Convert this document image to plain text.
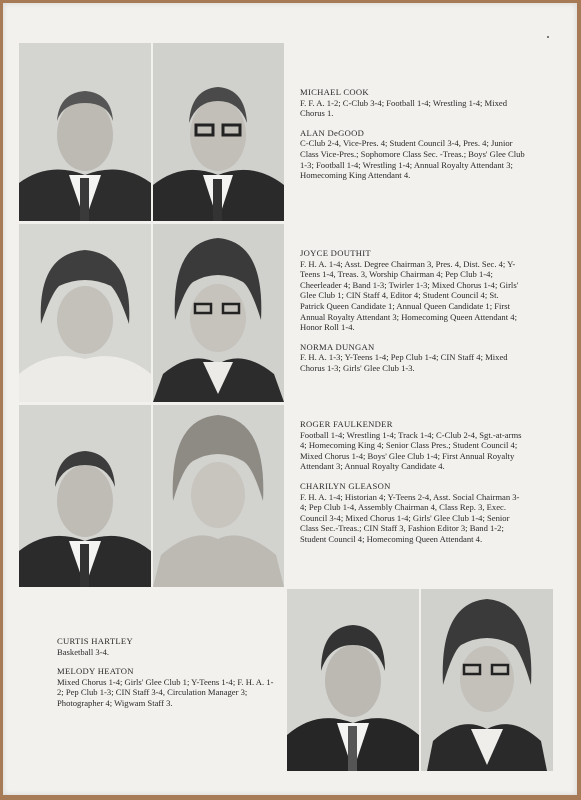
MICHAEL COOK
F. F. A. 1-2; C-Club 3-4; Football 1-4; Wrestling 1-4; Mixed Chorus 1.
ALAN DeGOOD
C-Club 2-4, Vice-Pres. 4; Student Council 3-4, Pres. 4; Junior Class Vice-Pres.; Sophomore Class Sec. -Treas.; Boys' Glee Club 1-3; Football 1-4; Wrestling 1-4; Annual Royalty Attendant 3; Homecoming King Attendant 4.
JOYCE DOUTHIT
F. H. A. 1-4; Asst. Degree Chairman 3, Pres. 4, Dist. Sec. 4; Y-Teens 1-4, Treas. 3, Worship Chairman 4; Pep Club 1-4; Cheerleader 4; Band 1-3; Twirler 1-3; Mixed Chorus 1-4; Girls' Glee Club 1; CIN Staff 4, Editor 4; Student Council 4; St. Patrick Queen Candidate 1; Annual Queen Candidate 1; First Annual Royalty Attendant 3; Homecoming Queen Attendant 4; Honor Roll 1-4.
NORMA DUNGAN
F. H. A. 1-3; Y-Teens 1-4; Pep Club 1-4; CIN Staff 4; Mixed Chorus 1-3; Girls' Glee Club 1-3.
ROGER FAULKENDER
Football 1-4; Wrestling 1-4; Track 1-4; C-Club 2-4, Sgt.-at-arms 4; Homecoming King 4; Senior Class Pres.; Student Council 4; Mixed Chorus 1-4; Boys' Glee Club 1-4; First Annual Royalty Attendant 3; Annual Royalty Candidate 4.
CHARILYN GLEASON
F. H. A. 1-4; Historian 4; Y-Teens 2-4, Asst. Social Chairman 3-4; Pep Club 1-4, Assembly Chairman 4, Class Rep. 3, Exec. Council 3-4; Mixed Chorus 1-4; Girls' Glee Club 1-4; Senior Class Sec.-Treas.; CIN Staff 3, Fashion Editor 3; Band 1-2; Student Council 4; Homecoming Queen Attendant 4.
CURTIS HARTLEY
Basketball 3-4.
MELODY HEATON
Mixed Chorus 1-4; Girls' Glee Club 1; Y-Teens 1-4; F. H. A. 1-2; Pep Club 1-3; CIN Staff 3-4, Circulation Manager 3; Photographer 4; Wigwam Staff 3.
